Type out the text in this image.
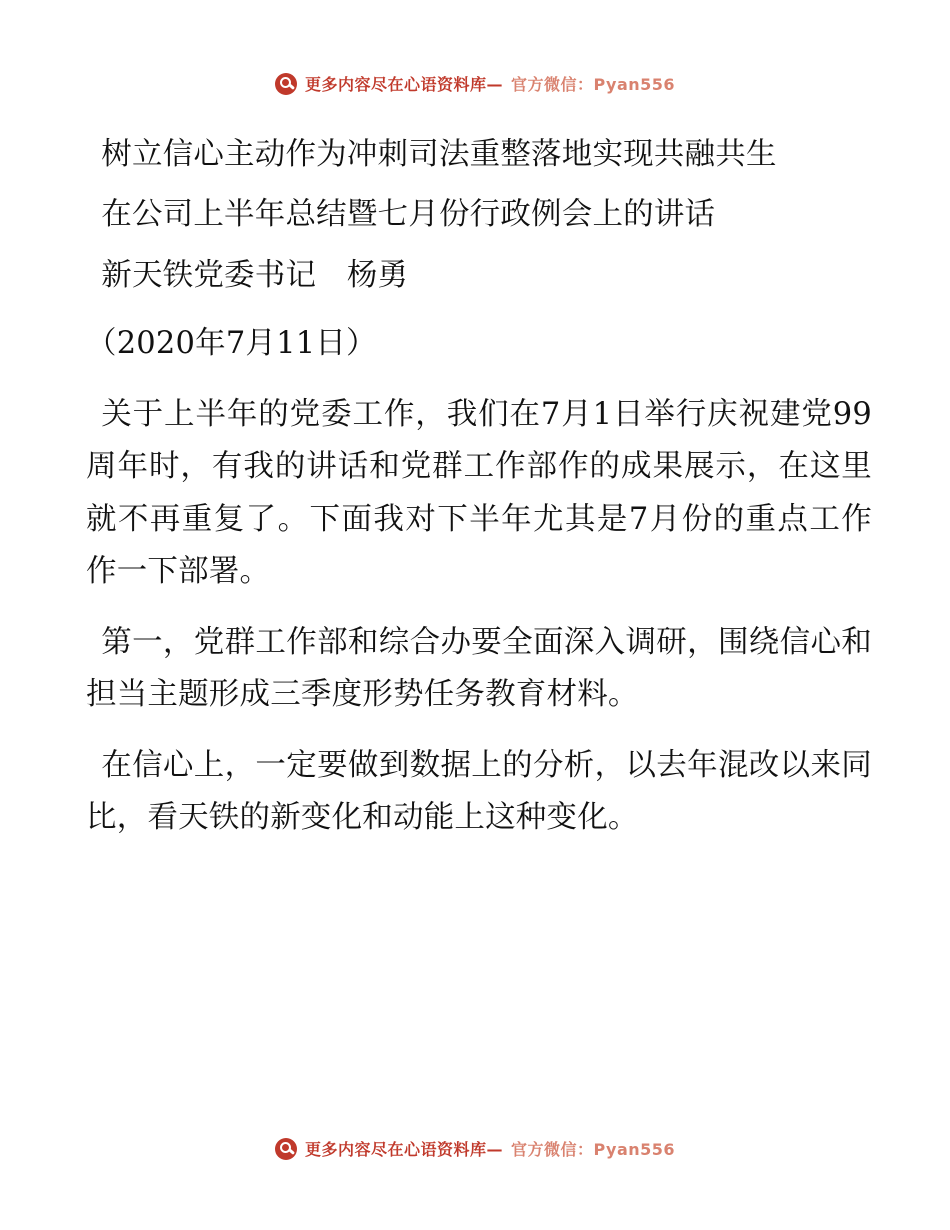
更多内容尽在心语资料库— 官方微信：Pyan556

树立信心主动作为冲刺司法重整落地实现共融共生

在公司上半年总结暨七月份行政例会上的讲话

新天铁党委书记　杨勇

（2020年7月11日）

关于上半年的党委工作，我们在7月1日举行庆祝建党99周年时，有我的讲话和党群工作部作的成果展示，在这里就不再重复了。下面我对下半年尤其是7月份的重点工作作一下部署。

第一，党群工作部和综合办要全面深入调研，围绕信心和担当主题形成三季度形势任务教育材料。

在信心上，一定要做到数据上的分析，以去年混改以来同比，看天铁的新变化和动能上这种变化。

更多内容尽在心语资料库— 官方微信：Pyan556
